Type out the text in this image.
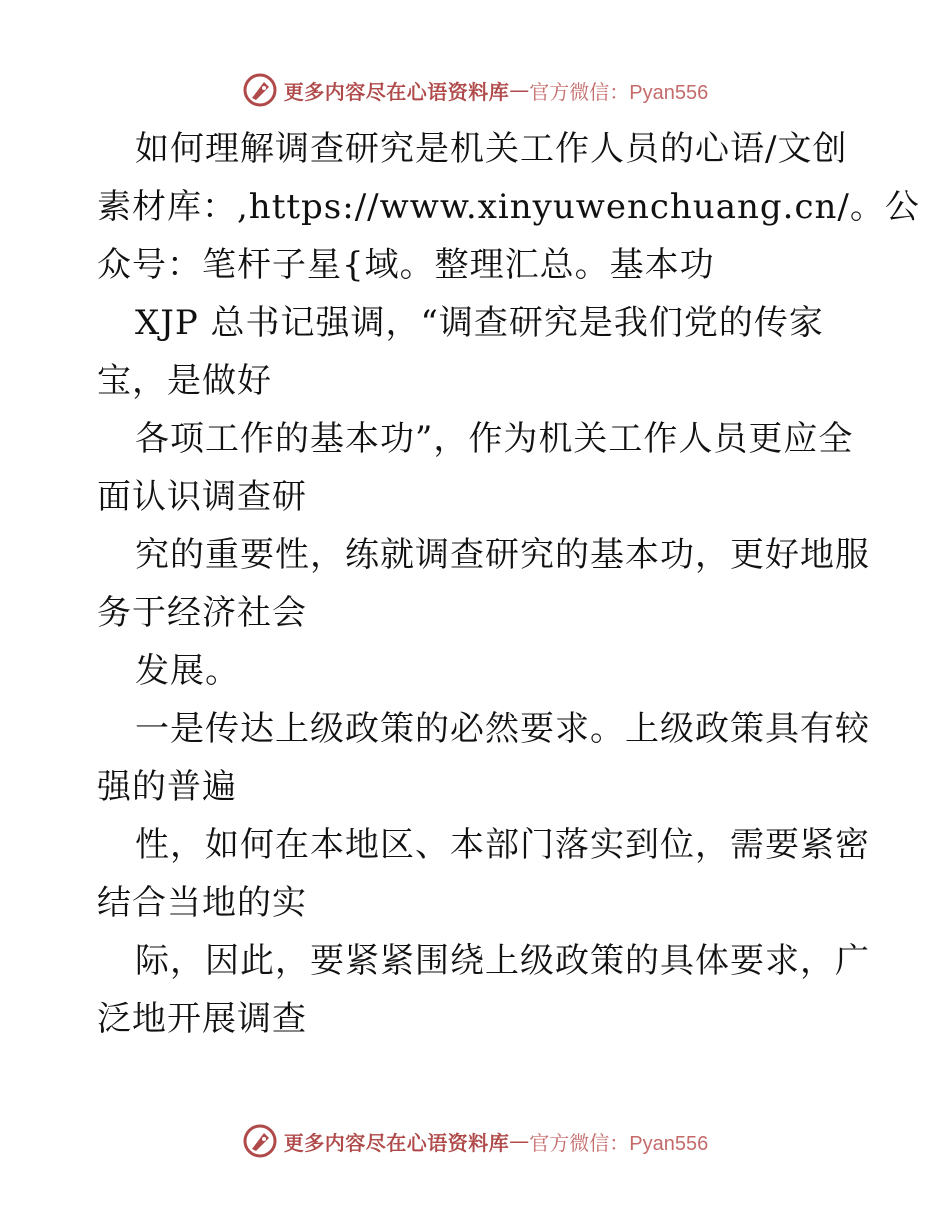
更多内容尽在心语资料库 — 官方微信：Pyan556
如何理解调查研究是机关工作人员的心语/文创
素材库：,https://www.xinyuwenchuang.cn/。公
众号：笔杆子星{域。整理汇总。基本功
XJP 总书记强调，“调查研究是我们党的传家
宝，是做好
各项工作的基本功”，作为机关工作人员更应全
面认识调查研
究的重要性，练就调查研究的基本功，更好地服
务于经济社会
发展。
一是传达上级政策的必然要求。上级政策具有较
强的普遍
性，如何在本地区、本部门落实到位，需要紧密
结合当地的实
际，因此，要紧紧围绕上级政策的具体要求，广
泛地开展调查
更多内容尽在心语资料库 — 官方微信：Pyan556
